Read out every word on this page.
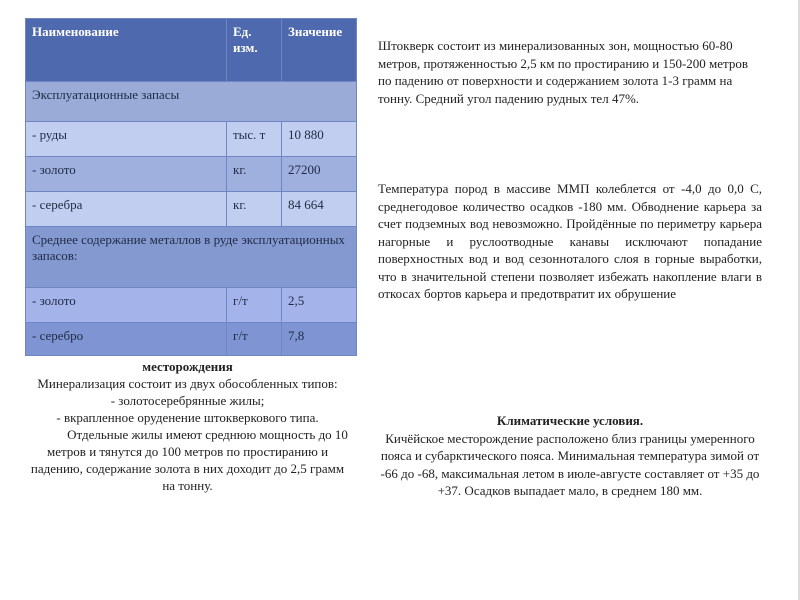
Наименование	Ед. изм.	Значение
Эксплуатационные запасы		
- руды	тыс. т	10 880
- золото	кг.	27200
- серебра	кг.	84 664
Среднее содержание металлов в руде эксплуатационных запасов:		
- золото	г/т	2,5
- серебро	г/т	7,8
месторождения
Минерализация состоит из двух обособленных типов:
- золотосеребрянные жилы;
- вкрапленное оруденение штокверкового типа.
Отдельные жилы имеют среднюю мощность до 10 метров и тянутся до 100 метров по простиранию и падению, содержание золота в них доходит до 2,5 грамм на тонну.
Штокверк состоит из минерализованных зон, мощностью 60-80 метров, протяженностью 2,5 км по простиранию и 150-200 метров по падению от поверхности и содержанием золота 1-3 грамм на тонну. Средний угол падению рудных тел 47%.
Температура пород в массиве ММП колеблется от -4,0 до 0,0 С, среднегодовое количество осадков -180 мм. Обводнение карьера за счет подземных вод невозможно. Пройдённые по периметру карьера нагорные и руслоотводные канавы исключают попадание поверхностных вод и вод сезонноталого слоя в горные выработки, что в значительной степени позволяет избежать накопление влаги в откосах бортов карьера и предотвратит их обрушение
Климатические условия.
Кичёйское месторождение расположено близ границы умеренного пояса и субарктического пояса. Минимальная температура зимой от -66 до -68, максимальная летом в июле-августе составляет от +35 до +37. Осадков выпадает мало, в среднем 180 мм.
